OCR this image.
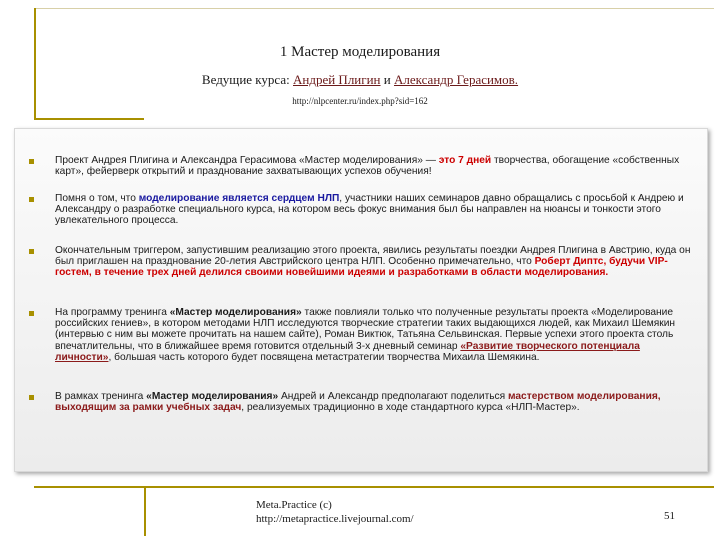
1 Мастер моделирования
Ведущие курса: Андрей Плигин и Александр Герасимов.
http://nlpcenter.ru/index.php?sid=162
Проект Андрея Плигина и Александра Герасимова «Мастер моделирования» — это 7 дней творчества, обогащение «собственных карт», фейерверк открытий и празднование захватывающих успехов обучения!
Помня о том, что моделирование является сердцем НЛП, участники наших семинаров давно обращались с просьбой к Андрею и Александру о разработке специального курса, на котором весь фокус внимания был бы направлен на нюансы и тонкости этого увлекательного процесса.
Окончательным триггером, запустившим реализацию этого проекта, явились результаты поездки Андрея Плигина в Австрию, куда он был приглашен на празднование 20-летия Австрийского центра НЛП. Особенно примечательно, что Роберт Диптс, будучи VIP-гостем, в течение трех дней делился своими новейшими идеями и разработками в области моделирования.
На программу тренинга «Мастер моделирования» также повлияли только что полученные результаты проекта «Моделирование российских гениев», в котором методами НЛП исследуются творческие стратегии таких выдающихся людей, как Михаил Шемякин (интервью с ним вы можете прочитать на нашем сайте), Роман Виктюк, Татьяна Сельвинская. Первые успехи этого проекта столь впечатлительны, что в ближайшее время готовится отдельный 3-х дневный семинар «Развитие творческого потенциала личности», большая часть которого будет посвящена метастратегии творчества Михаила Шемякина.
В рамках тренинга «Мастер моделирования» Андрей и Александр предполагают поделиться мастерством моделирования, выходящим за рамки учебных задач, реализуемых традиционно в ходе стандартного курса «НЛП-Мастер».
Meta.Practice (c)
http://metapractice.livejournal.com/	51
